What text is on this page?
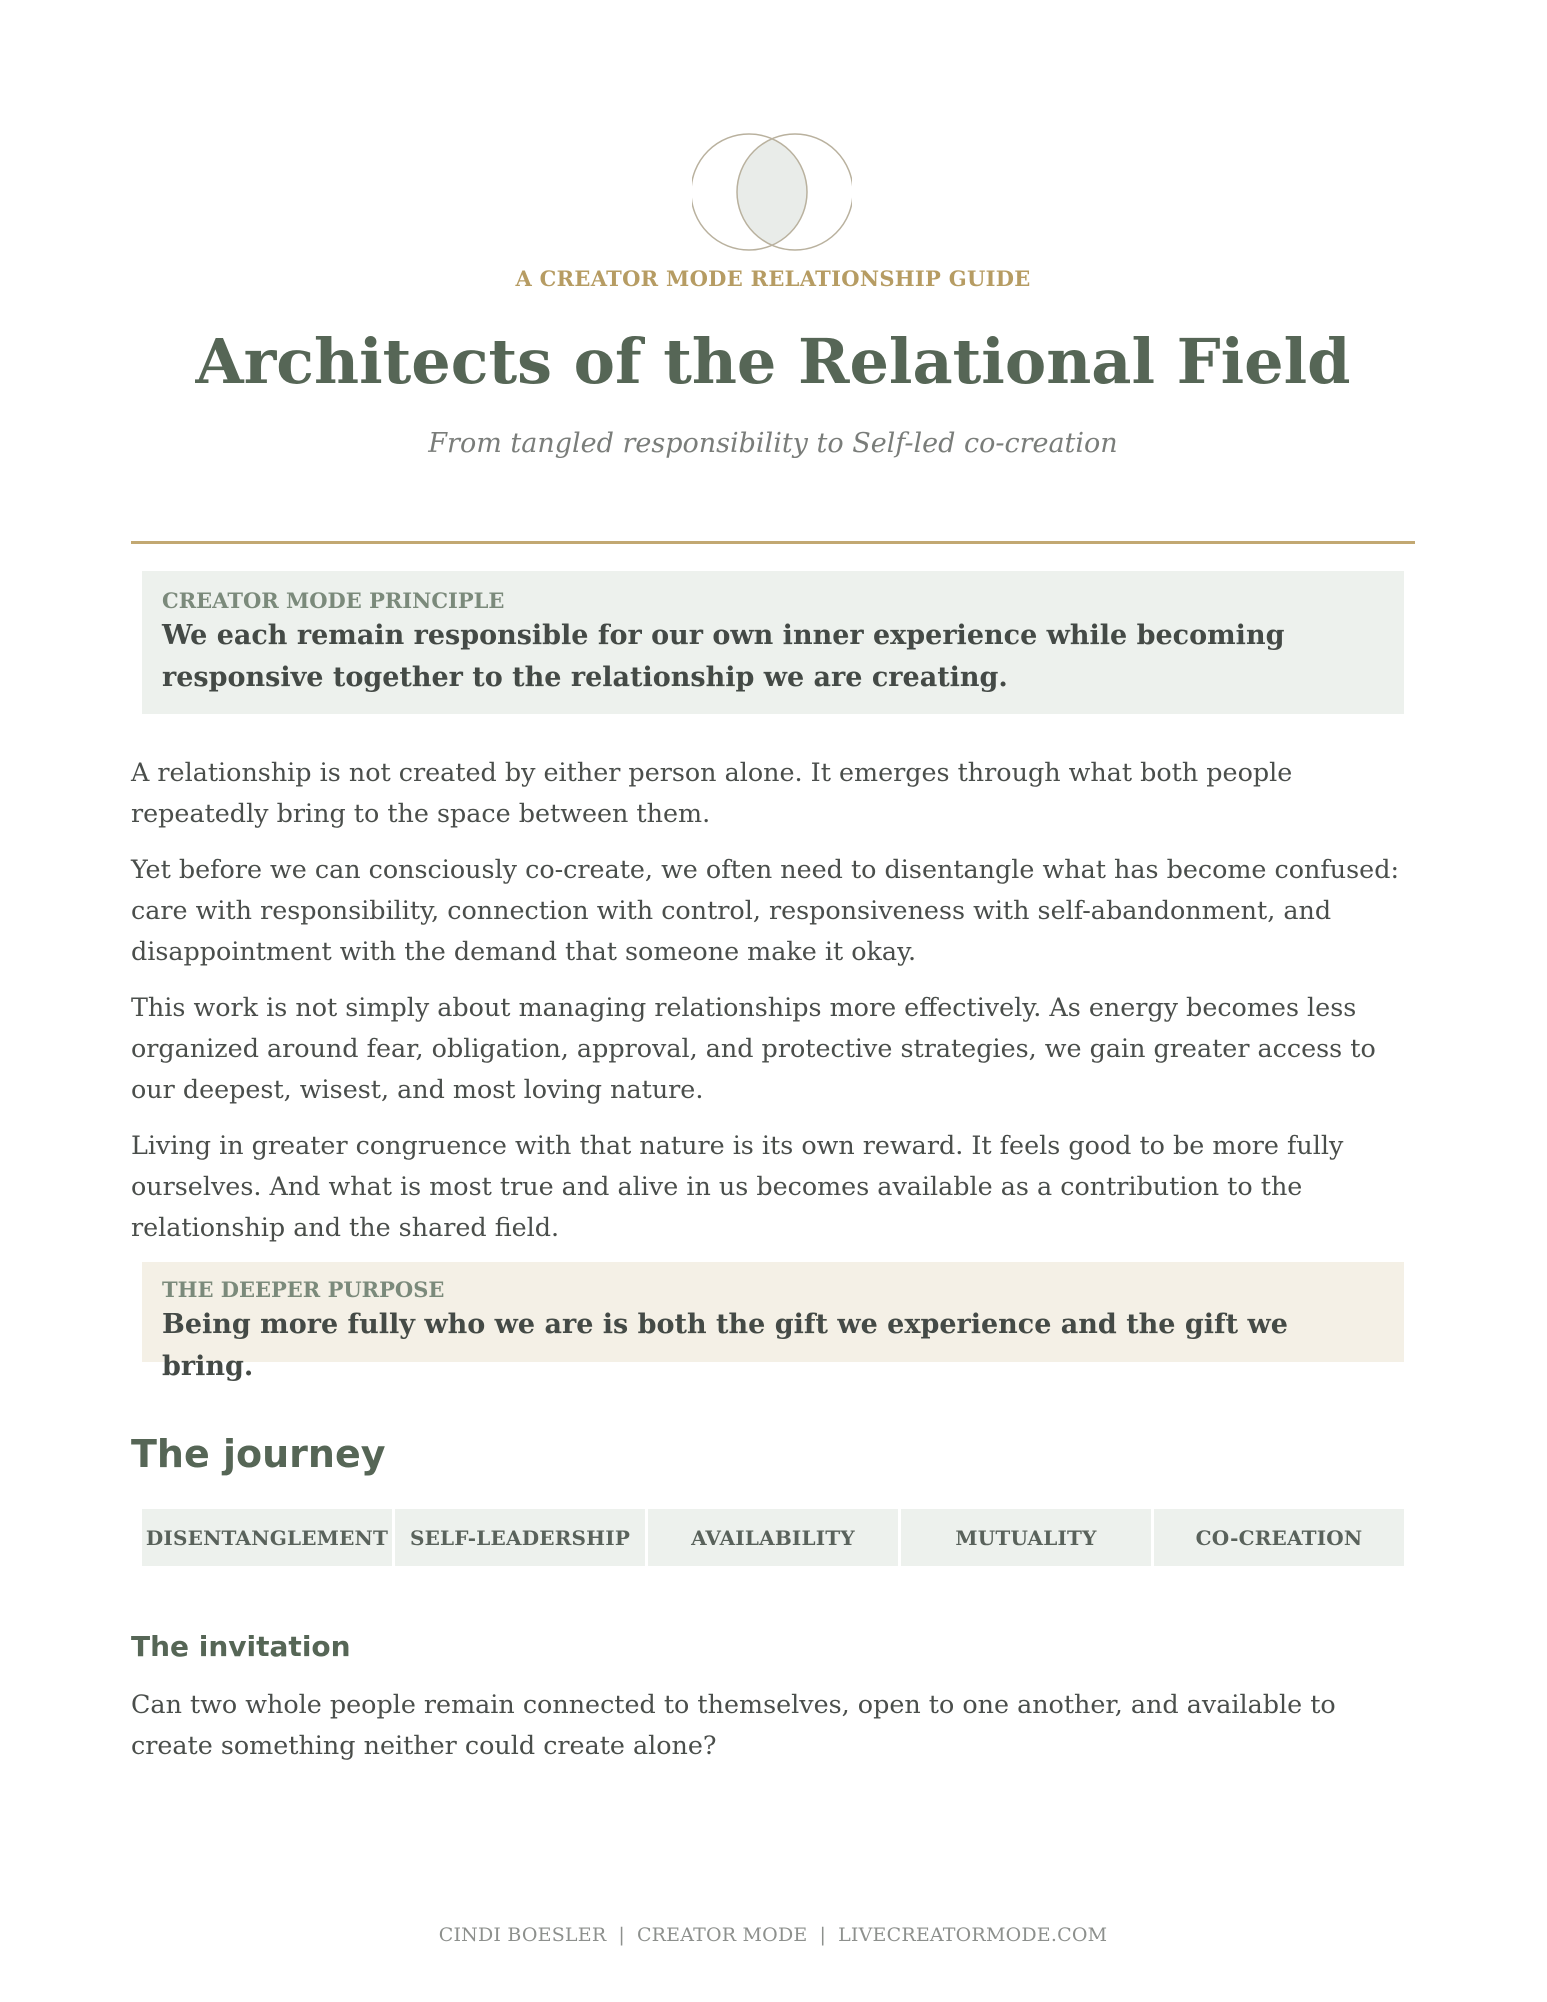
A CREATOR MODE RELATIONSHIP GUIDE
Architects of the Relational Field
From tangled responsibility to Self-led co-creation
CREATOR MODE PRINCIPLE
We each remain responsible for our own inner experience while becoming responsive together to the relationship we are creating.

A relationship is not created by either person alone. It emerges through what both people repeatedly bring to the space between them.

Yet before we can consciously co-create, we often need to disentangle what has become confused: care with responsibility, connection with control, responsiveness with self-abandonment, and disappointment with the demand that someone make it okay.

This work is not simply about managing relationships more effectively. As energy becomes less organized around fear, obligation, approval, and protective strategies, we gain greater access to our deepest, wisest, and most loving nature.

Living in greater congruence with that nature is its own reward. It feels good to be more fully ourselves. And what is most true and alive in us becomes available as a contribution to the relationship and the shared field.

THE DEEPER PURPOSE
Being more fully who we are is both the gift we experience and the gift we bring.
The journey
DISENTANGLEMENT	SELF-LEADERSHIP	AVAILABILITY	MUTUALITY	CO-CREATION
The invitation

Can two whole people remain connected to themselves, open to one another, and available to create something neither could create alone?

CINDI BOESLER | CREATOR MODE | LIVECREATORMODE.COM
